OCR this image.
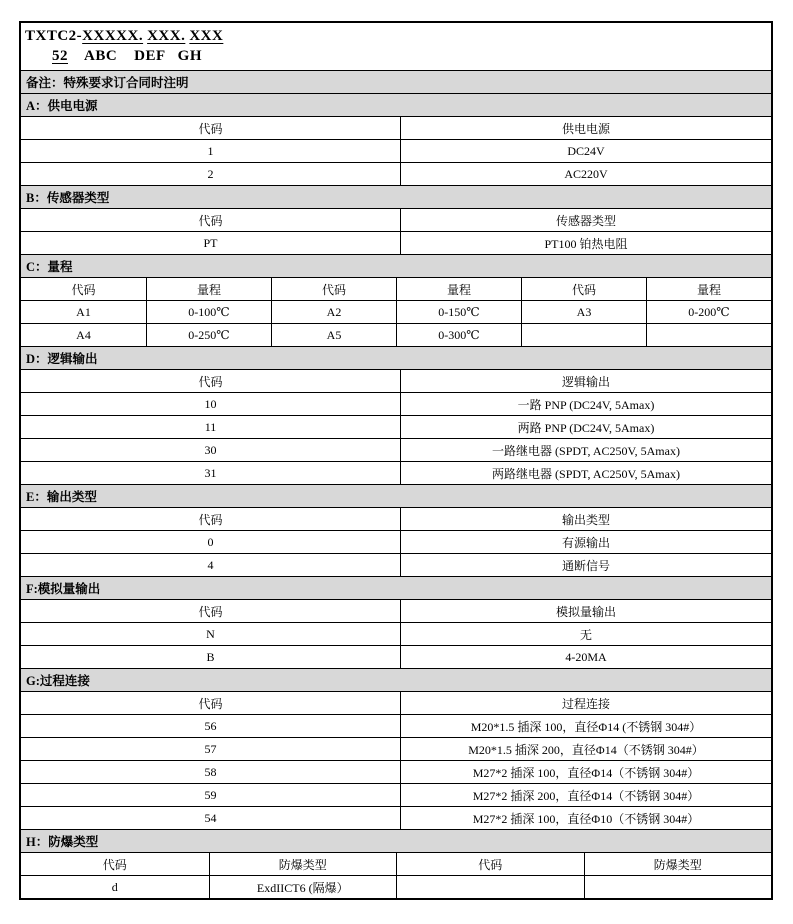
TXTC2-XXXXX. XXX. XXX
52 ABC DEF GH
备注：特殊要求订合同时注明
A：供电电源
代码	供电电源
1	DC24V
2	AC220V
B：传感器类型
代码	传感器类型
PT	PT100 铂热电阻
C：量程
代码	量程	代码	量程	代码	量程
A1	0-100℃	A2	0-150℃	A3	0-200℃
A4	0-250℃	A5	0-300℃
D：逻辑输出
代码	逻辑输出
10	一路 PNP (DC24V, 5Amax)
11	两路 PNP (DC24V, 5Amax)
30	一路继电器 (SPDT, AC250V, 5Amax)
31	两路继电器 (SPDT, AC250V, 5Amax)
E：输出类型
代码	输出类型
0	有源输出
4	通断信号
F:模拟量输出
代码	模拟量输出
N	无
B	4-20MA
G:过程连接
代码	过程连接
56	M20*1.5 插深 100，直径Φ14 (不锈钢 304#）
57	M20*1.5 插深 200，直径Φ14（不锈钢 304#）
58	M27*2 插深 100，直径Φ14（不锈钢 304#）
59	M27*2 插深 200，直径Φ14（不锈钢 304#）
54	M27*2 插深 100，直径Φ10（不锈钢 304#）
H：防爆类型
代码	防爆类型	代码	防爆类型
d	ExdIICT6 (隔爆）
